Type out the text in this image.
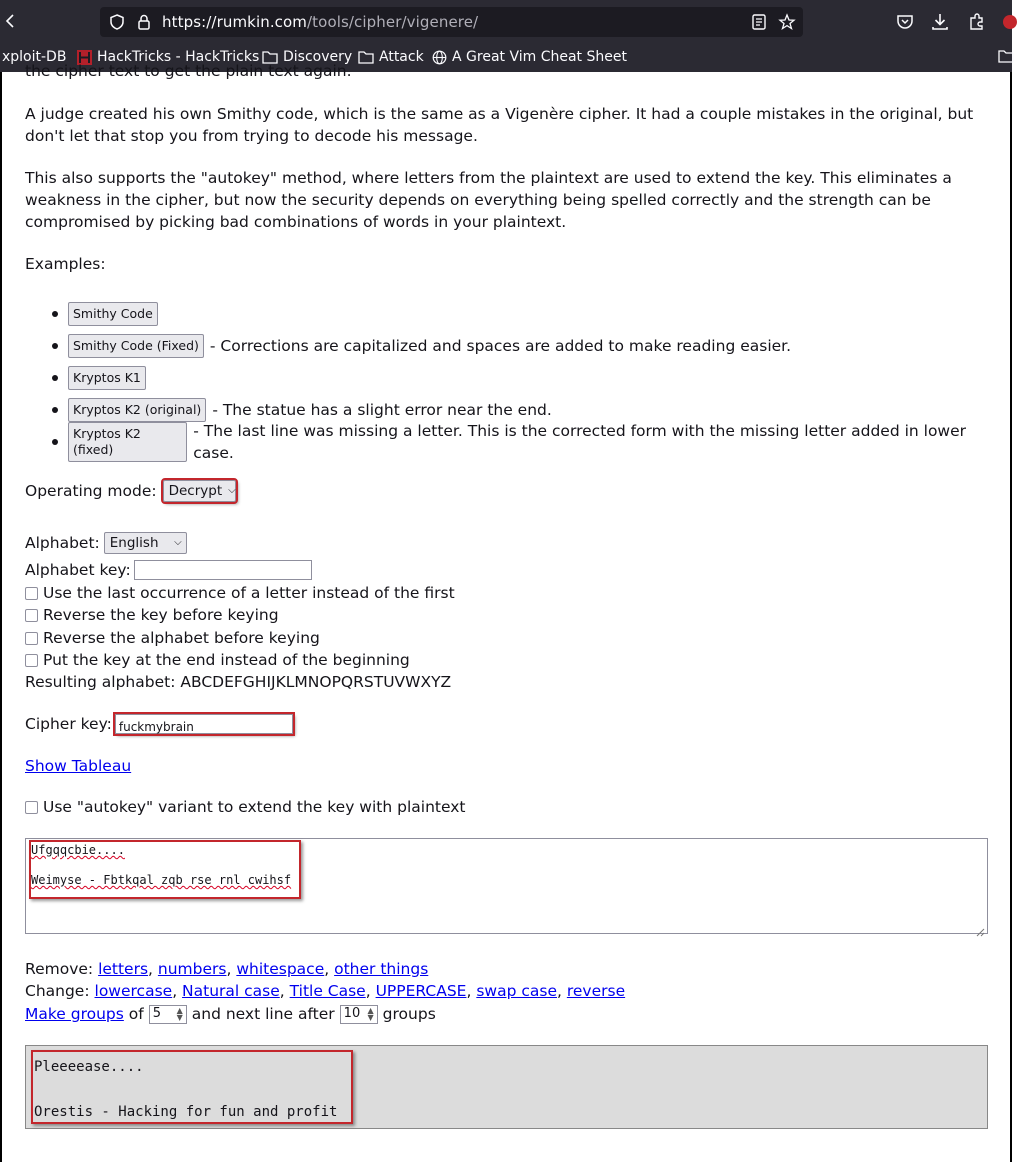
https://rumkin.com/tools/cipher/vigenere/
xploit-DB HackTricks - HackTricks Discovery Attack A Great Vim Cheat Sheet

the cipher text to get the plain text again.

A judge created his own Smithy code, which is the same as a Vigenère cipher. It had a couple mistakes in the original, but don't let that stop you from trying to decode his message.

This also supports the "autokey" method, where letters from the plaintext are used to extend the key. This eliminates a weakness in the cipher, but now the security depends on everything being spelled correctly and the strength can be compromised by picking bad combinations of words in your plaintext.

Examples:

Smithy Code
Smithy Code (Fixed) - Corrections are capitalized and spaces are added to make reading easier.
Kryptos K1
Kryptos K2 (original) - The statue has a slight error near the end.
Kryptos K2 (fixed)
- The last line was missing a letter. This is the corrected form with the missing letter added in lower case.
Operating mode: Decrypt ⌵
Alphabet: English ⌵
Alphabet key:
Use the last occurrence of a letter instead of the first
Reverse the key before keying
Reverse the alphabet before keying
Put the key at the end instead of the beginning
Resulting alphabet: ABCDEFGHIJKLMNOPQRSTUVWXYZ
Cipher key: fuckmybrain
Show Tableau
Use "autokey" variant to extend the key with plaintext
Ufgqqcbie....

Weimyse - Fbtkqal zqb rse rnl cwihsf
Remove:
letters , numbers , whitespace , other things
Change:
lowercase , Natural case , Title Case , UPPERCASE , swap case , reverse
Make groups
of 5 ▲
▼ and next line after 10 ▲
▼ groups
Pleeeease....

Orestis - Hacking for fun and profit
